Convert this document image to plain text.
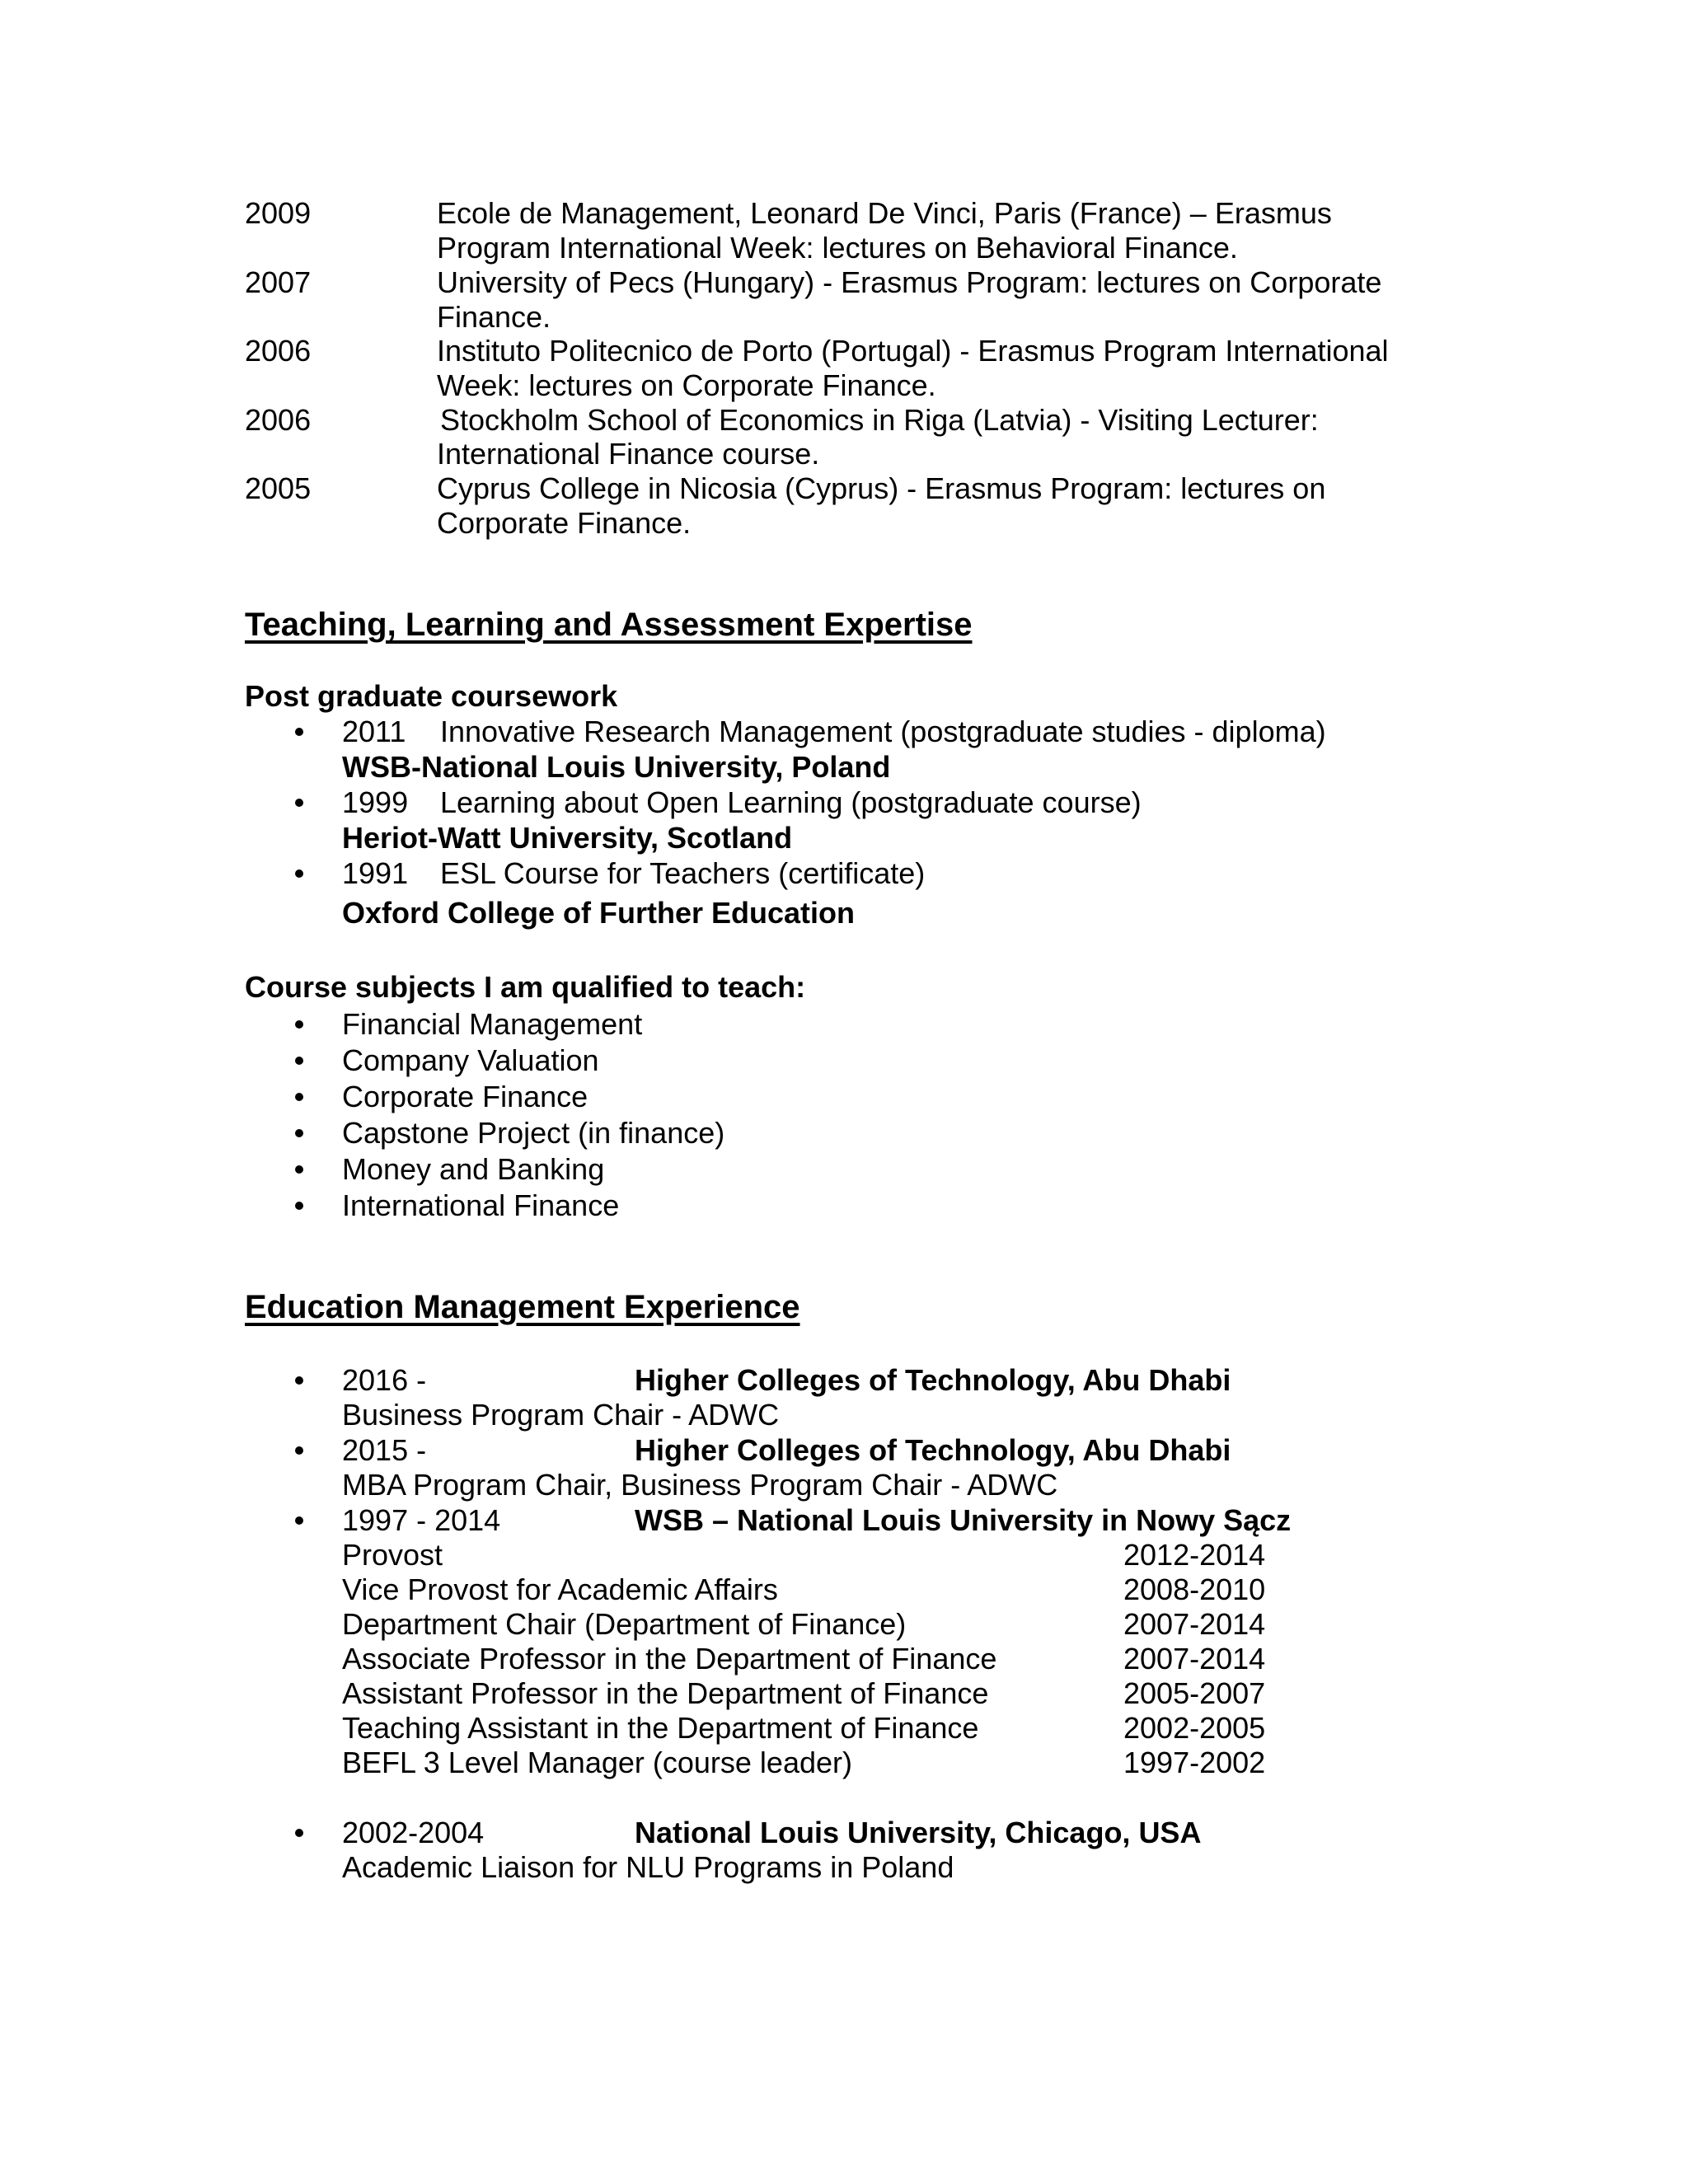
2009	Ecole de Management, Leonard De Vinci, Paris (France) – Erasmus
Program International Week: lectures on Behavioral Finance.
2007	University of Pecs (Hungary) - Erasmus Program: lectures on Corporate
Finance.
2006	Instituto Politecnico de Porto (Portugal) - Erasmus Program International
Week: lectures on Corporate Finance.
2006	Stockholm School of Economics in Riga (Latvia) - Visiting Lecturer:
International Finance course.
2005	Cyprus College in Nicosia (Cyprus) - Erasmus Program: lectures on
Corporate Finance.
Teaching, Learning and Assessment Expertise
Post graduate coursework
2011 Innovative Research Management (postgraduate studies - diploma)
WSB-National Louis University, Poland
1999 Learning about Open Learning (postgraduate course)
Heriot-Watt University, Scotland
1991 ESL Course for Teachers (certificate)
Oxford College of Further Education
Course subjects I am qualified to teach:
Financial Management
Company Valuation
Corporate Finance
Capstone Project (in finance)
Money and Banking
International Finance
Education Management Experience
2016 -	Higher Colleges of Technology, Abu Dhabi
Business Program Chair - ADWC
2015 -	Higher Colleges of Technology, Abu Dhabi
MBA Program Chair, Business Program Chair - ADWC
1997 - 2014	WSB – National Louis University in Nowy Sącz
Provost	2012-2014
Vice Provost for Academic Affairs	2008-2010
Department Chair (Department of Finance)	2007-2014
Associate Professor in the Department of Finance	2007-2014
Assistant Professor in the Department of Finance	2005-2007
Teaching Assistant in the Department of Finance	2002-2005
BEFL 3 Level Manager (course leader)	1997-2002
2002-2004	National Louis University, Chicago, USA
Academic Liaison for NLU Programs in Poland
